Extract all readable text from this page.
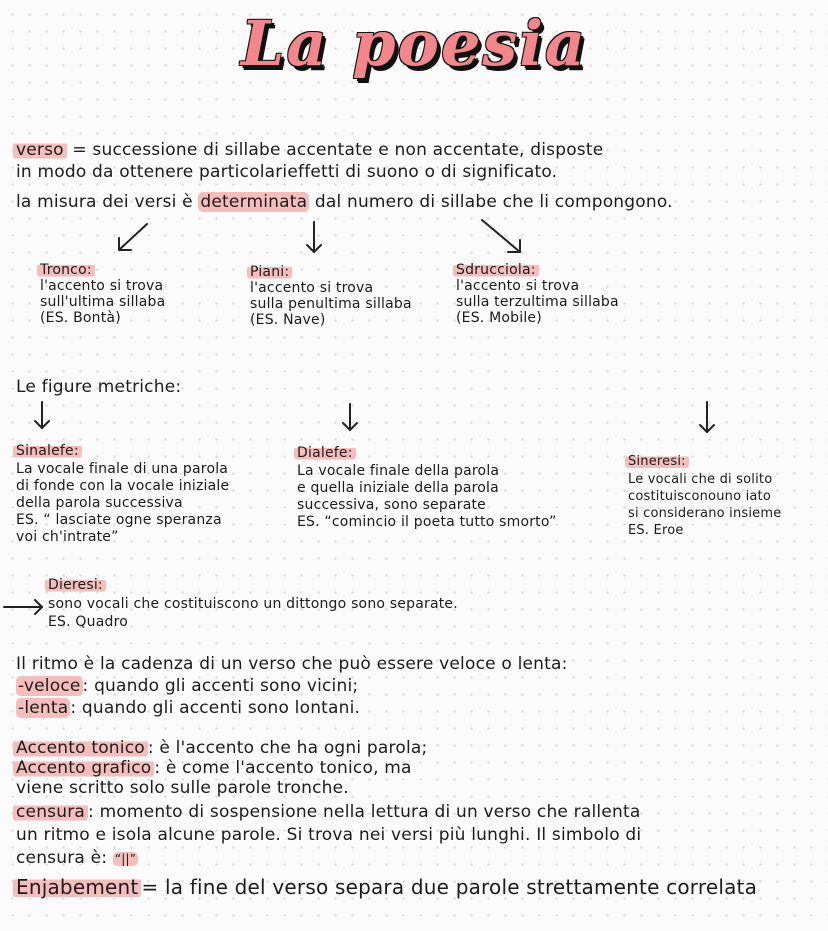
La poesia
verso = successione di sillabe accentate e non accentate, disposte
in modo da ottenere particolarieffetti di suono o di significato.
la misura dei versi è determinata dal numero di sillabe che li compongono.
Tronco:
l'accento si trova
sull'ultima sillaba
(ES. Bontà)
Piani:
l'accento si trova
sulla penultima sillaba
(ES. Nave)
Sdrucciola:
l'accento si trova
sulla terzultima sillaba
(ES. Mobile)
Le figure metriche:
Sinalefe:
La vocale finale di una parola
di fonde con la vocale iniziale
della parola successiva
ES. “ lasciate ogne speranza
voi ch'intrate”
Dialefe:
La vocale finale della parola
e quella iniziale della parola
successiva, sono separate
ES. “comincio il poeta tutto smorto”
Sineresi:
Le vocali che di solito
costituisconouno iato
si considerano insieme
ES. Eroe
Dieresi:
sono vocali che costituiscono un dittongo sono separate.
ES. Quadro
Il ritmo è la cadenza di un verso che può essere veloce o lenta:
-veloce : quando gli accenti sono vicini;
-lenta : quando gli accenti sono lontani.
Accento tonico : è l'accento che ha ogni parola;
Accento grafico : è come l'accento tonico, ma
viene scritto solo sulle parole tronche.
censura : momento di sospensione nella lettura di un verso che rallenta
un ritmo e isola alcune parole. Si trova nei versi più lunghi. Il simbolo di
censura è: “||”
Enjabement = la fine del verso separa due parole strettamente correlata
